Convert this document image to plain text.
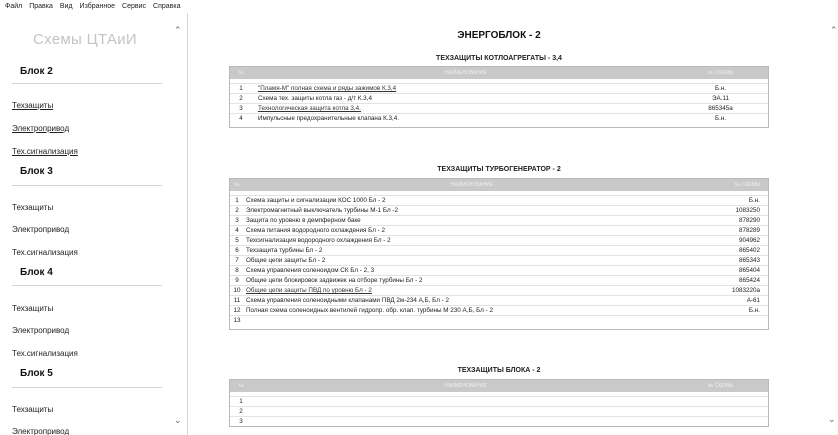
Файл Правка Вид Избранное Сервис Справка
Схемы ЦТАиИ
⌃
Блок 2
Техзащиты
Электропривод
Тех.сигнализация
Блок 3
Техзащиты
Электропривод
Тех.сигнализация
Блок 4
Техзащиты
Электропривод
Тех.сигнализация
Блок 5
Техзащиты
Электропривод
⌄
ЭНЕРГОБЛОК - 2
ТЕХЗАЩИТЫ КОТЛОАГРЕГАТЫ - 3,4
№	НАИМЕНОВАНИЕ	№ СХЕМЫ
1	"Пламя-М" полная схема и ряды зажимов К.3,4	Б.н.
2	Схема тех. защиты котла газ - д/т К.3,4	ЭА.11
3	Технологическая защита котла 3,4.	865345а
4	Импульсные предохранительные клапана К.3,4.	Б.н.
ТЕХЗАЩИТЫ ТУРБОГЕНЕРАТОР - 2
№	НАИМЕНОВАНИЕ	№ СХЕМЫ
1	Схема защиты и сигнализации КОС 1000 Бл - 2	Б.н.
2	Электромагнитный выключатель турбины М-1 Бл -2	1083250
3	Защита по уровню в демпферном баке	878290
4	Схема питания водородного охлаждения Бл - 2	878289
5	Техсигнализация водородного охлаждения Бл - 2	904962
6	Техзащита турбины Бл - 2	865402
7	Общие цепи защиты Бл - 2	865343
8	Схема управления соленоидом СК Бл - 2, 3	865404
9	Общие цепи блокировок задвижек на отборе турбины Бл - 2	865424
10 Общие цепи защиты ПВД по уровню Бл - 2	1083220а
11 Схема управления соленоидными клапанами ПВД 2м-234 А,Б, Бл - 2	А-61
12 Полная схема соленоидных вентилей гидропр. обр. клап. турбины М 230 А,Б, Бл - 2	Б.н.
13
ТЕХЗАЩИТЫ БЛОКА - 2
№	НАИМЕНОВАНИЕ	№ СХЕМЫ
1
2
3
⌃
⌄
